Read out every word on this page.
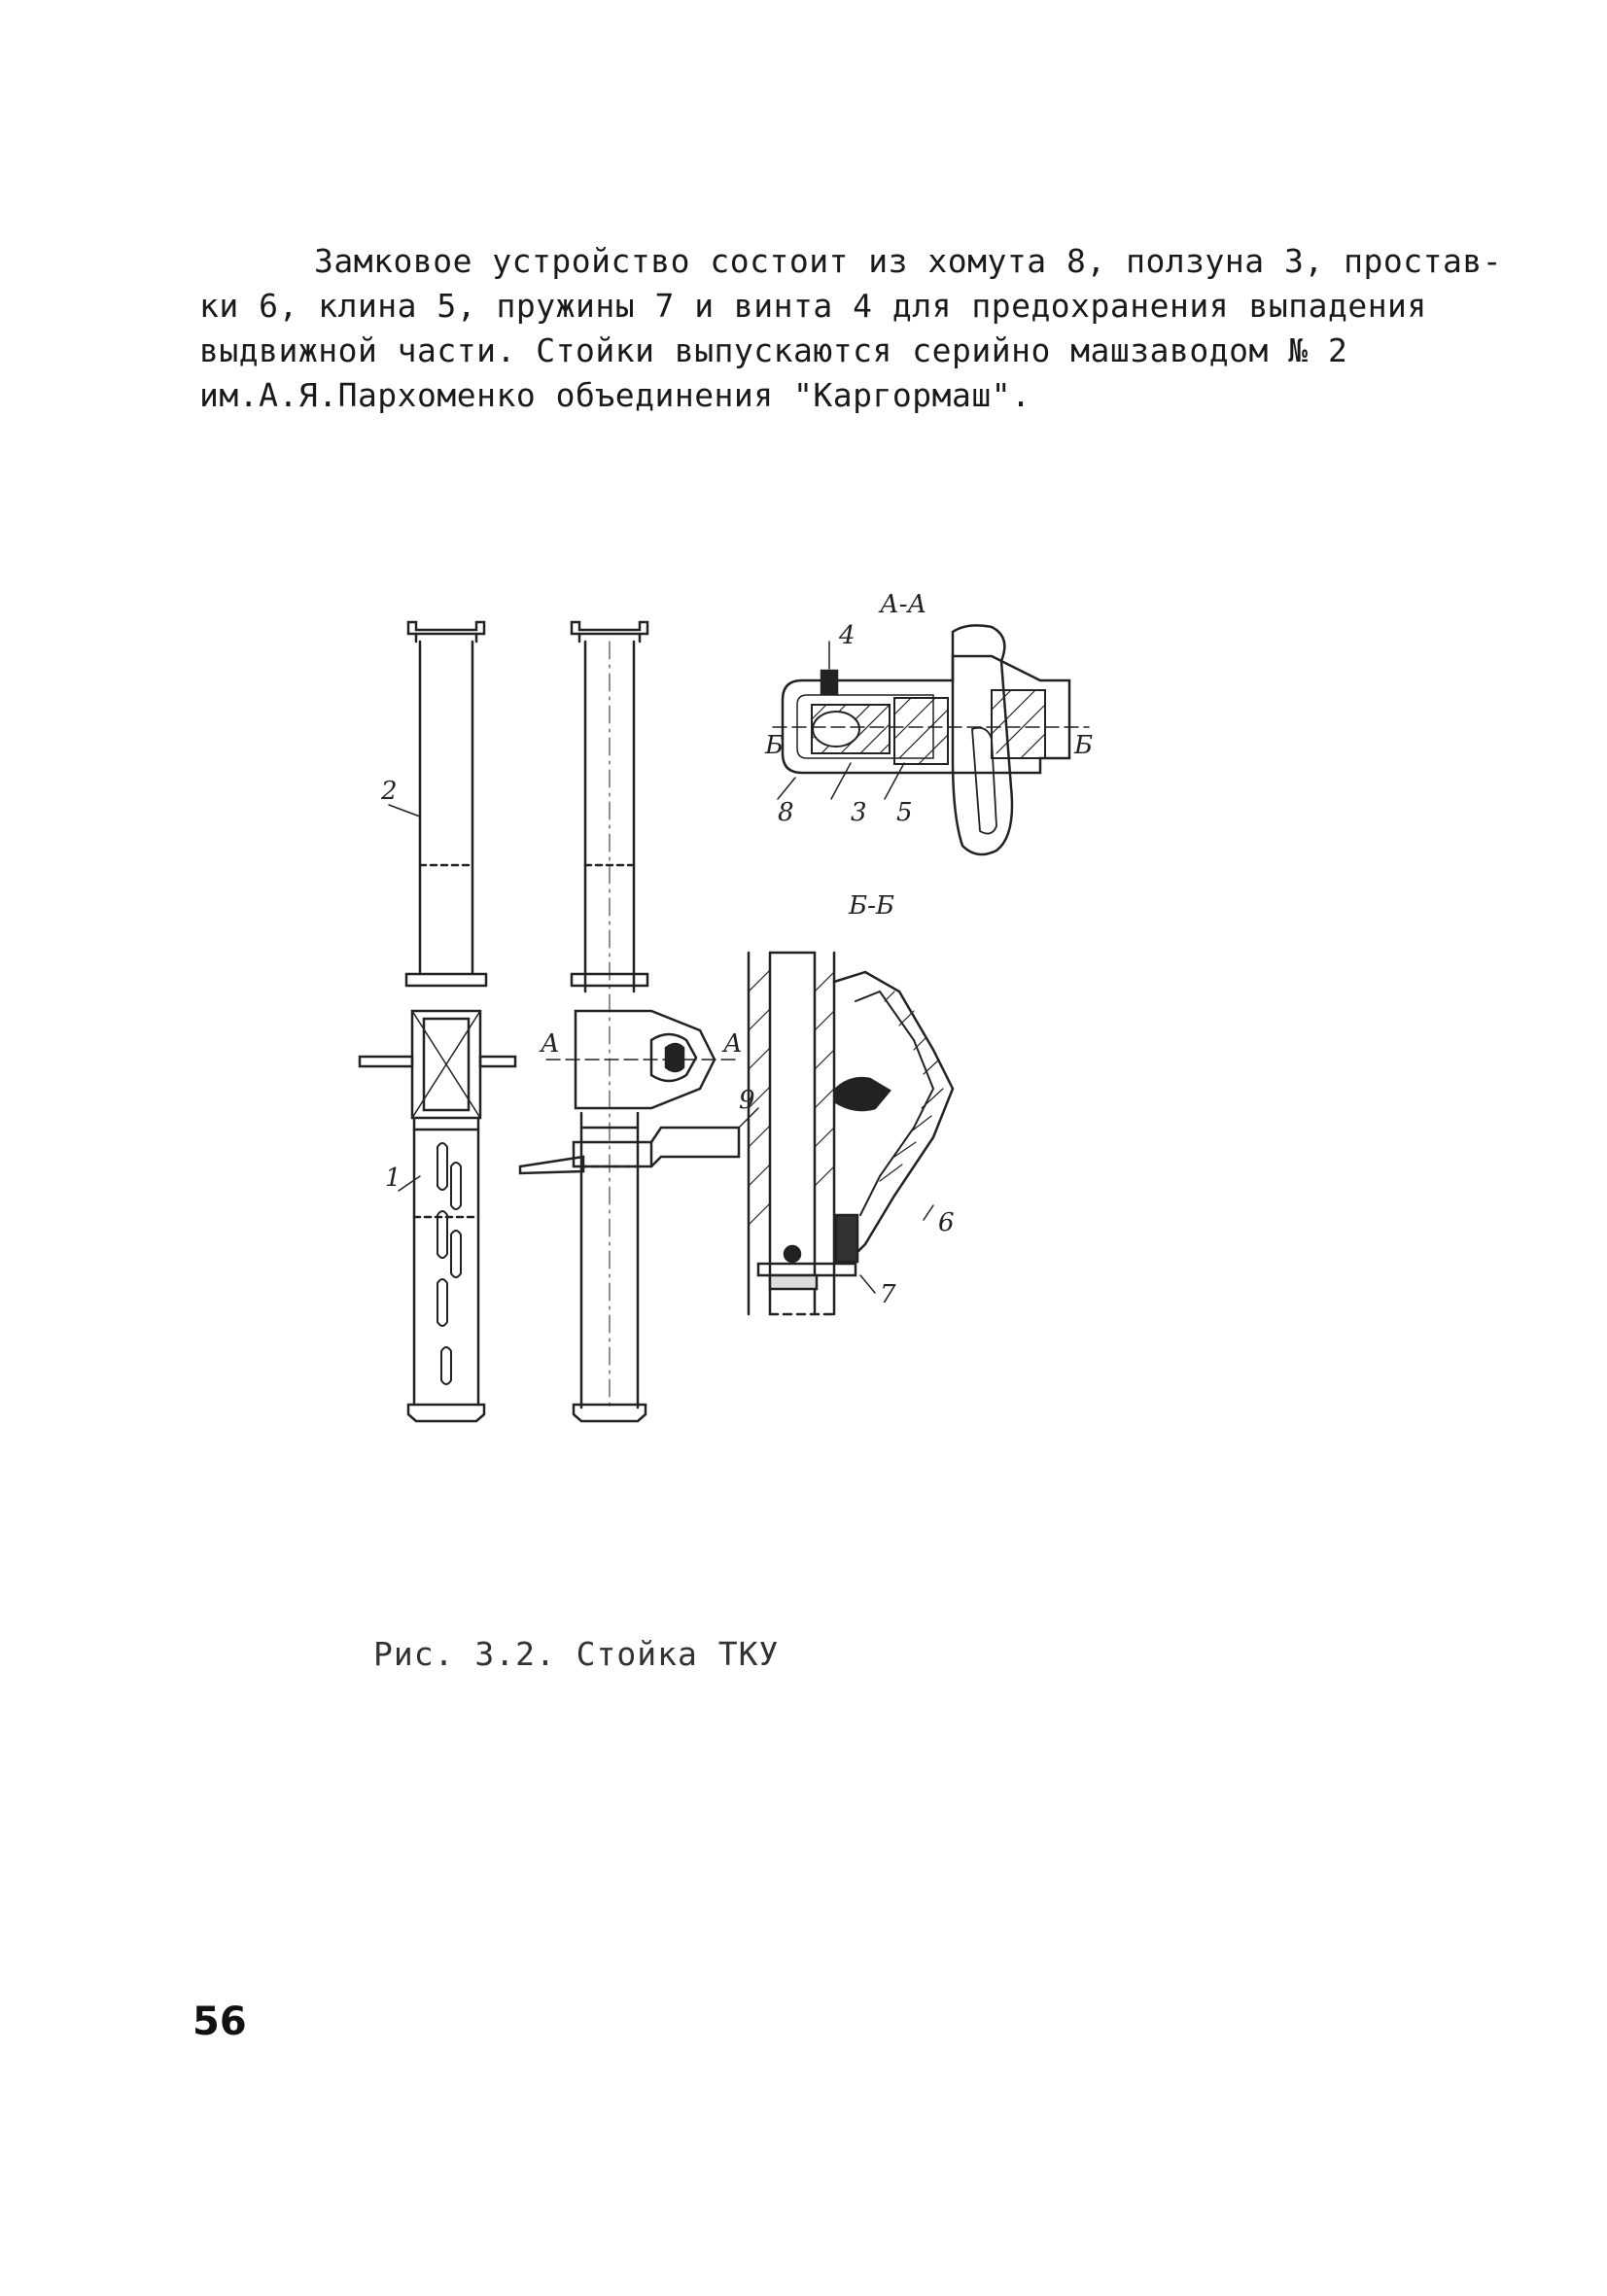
Замковое устройство состоит из хомута 8, ползуна 3, простав-
ки 6, клина 5, пружины 7 и винта 4 для предохранения выпадения
выдвижной части. Стойки выпускаются серийно машзаводом № 2
им.А.Я.Пархоменко объединения "Каргормаш".
2
1
А	А
9
А-А
4
Б	Б
8 3 5
Б-Б
6
7
Рис. 3.2. Стойка ТКУ
56
